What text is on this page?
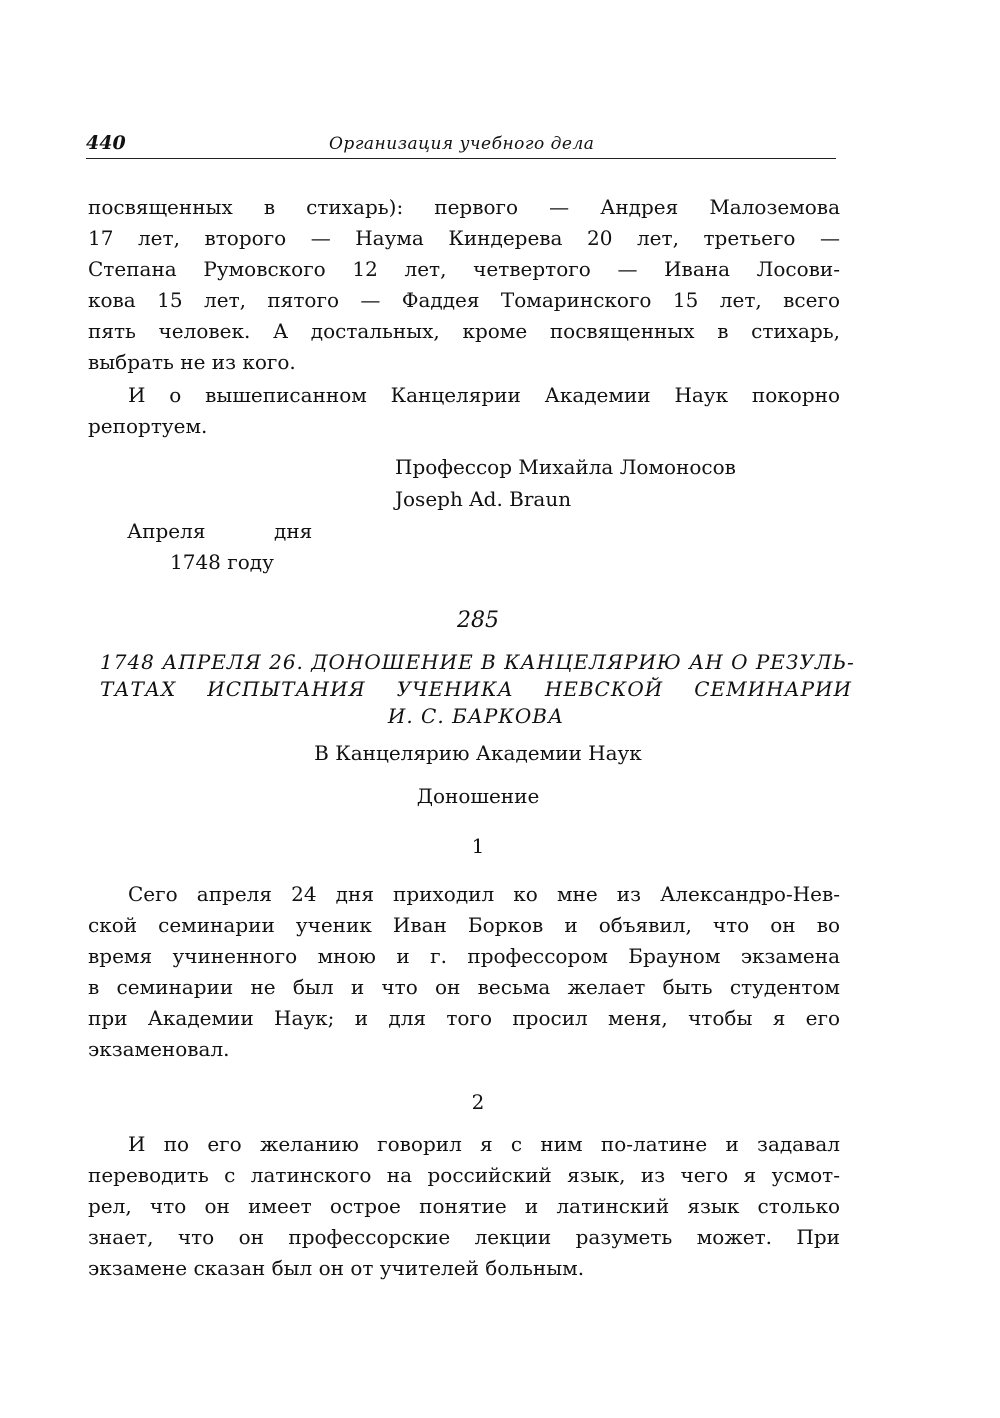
440	Организация учебного дела
посвященных в стихарь): первого — Андрея Малоземова
17 лет, второго — Наума Киндерева 20 лет, третьего —
Степана Румовского 12 лет, четвертого — Ивана Лосови-
кова 15 лет, пятого — Фаддея Томаринского 15 лет, всего
пять человек. А достальных, кроме посвященных в стихарь,
выбрать не из кого.
И о вышеписанном Канцелярии Академии Наук покорно
репортуем.
Профессор Михайла Ломоносов
Joseph Ad. Braun
Апреля	дня
1748 году
285
1748 АПРЕЛЯ 26. ДОНОШЕНИЕ В КАНЦЕЛЯРИЮ АН О РЕЗУЛЬ-
ТАТАХ ИСПЫТАНИЯ УЧЕНИКА НЕВСКОЙ СЕМИНАРИИ
И. С. БАРКОВА
В Канцелярию Академии Наук
Доношение
1
Сего апреля 24 дня приходил ко мне из Александро-Нев-
ской семинарии ученик Иван Борков и объявил, что он во
время учиненного мною и г. профессором Брауном экзамена
в семинарии не был и что он весьма желает быть студентом
при Академии Наук; и для того просил меня, чтобы я его
экзаменовал.
2
И по его желанию говорил я с ним по-латине и задавал
переводить с латинского на российский язык, из чего я усмот-
рел, что он имеет острое понятие и латинский язык столько
знает, что он профессорские лекции разуметь может. При
экзамене сказан был он от учителей больным.
